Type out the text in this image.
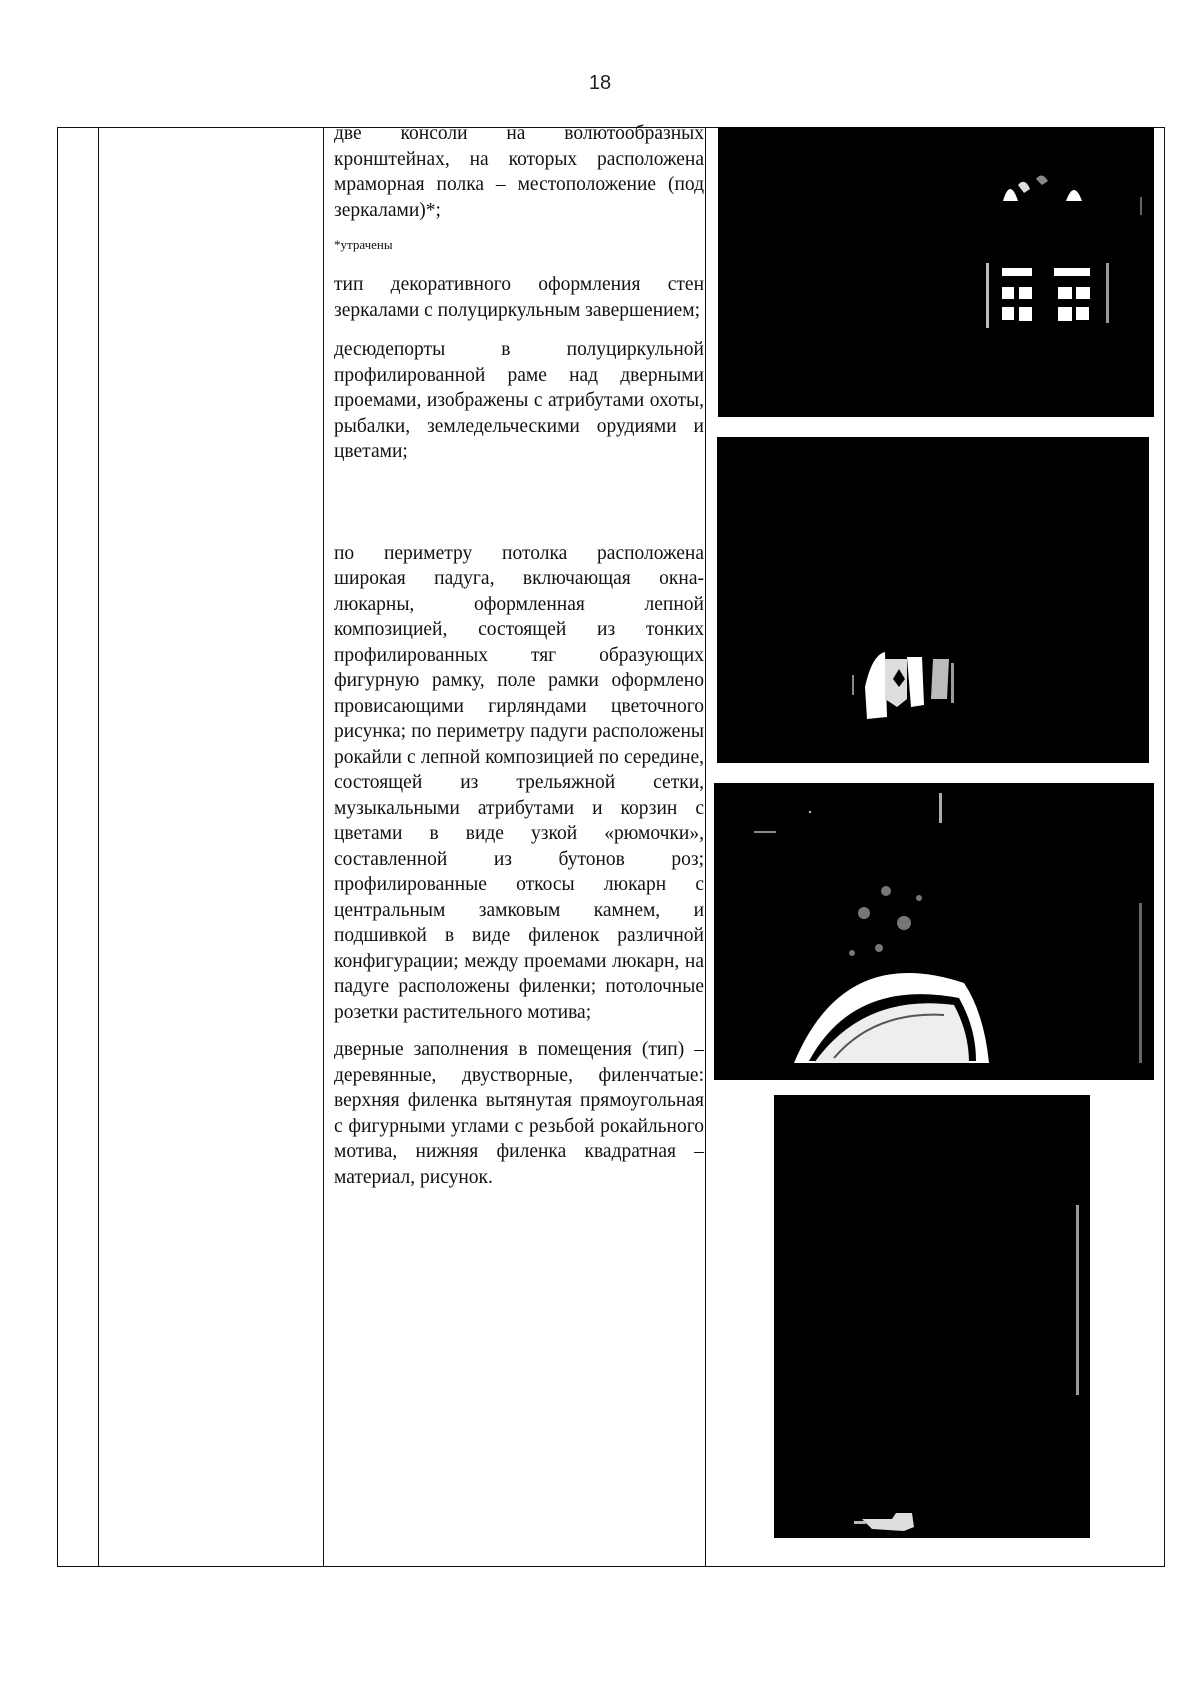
18

две консоли на волютообразных кронштейнах, на которых расположена мраморная полка – местоположение (под зеркалами)*;

*утрачены

тип декоративного оформления стен зеркалами с полуциркульным завершением;

десюдепорты в полуциркульной профилированной раме над дверными проемами, изображены с атрибутами охоты, рыбалки, земледельческими орудиями и цветами;

по периметру потолка расположена широкая падуга, включающая окна-люкарны, оформленная лепной композицией, состоящей из тонких профилированных тяг образующих фигурную рамку, поле рамки оформлено провисающими гирляндами цветочного рисунка; по периметру падуги расположены рокайли с лепной композицией по середине, состоящей из трельяжной сетки, музыкальными атрибутами и корзин с цветами в виде узкой «рюмочки», составленной из бутонов роз; профилированные откосы люкарн с центральным замковым камнем, и подшивкой в виде филенок различной конфигурации; между проемами люкарн, на падуге расположены филенки; потолочные розетки растительного мотива;

дверные заполнения в помещения (тип) – деревянные, двустворные, филенчатые: верхняя филенка вытянутая прямоугольная с фигурными углами с резьбой рокайльного мотива, нижняя филенка квадратная – материал, рисунок.
